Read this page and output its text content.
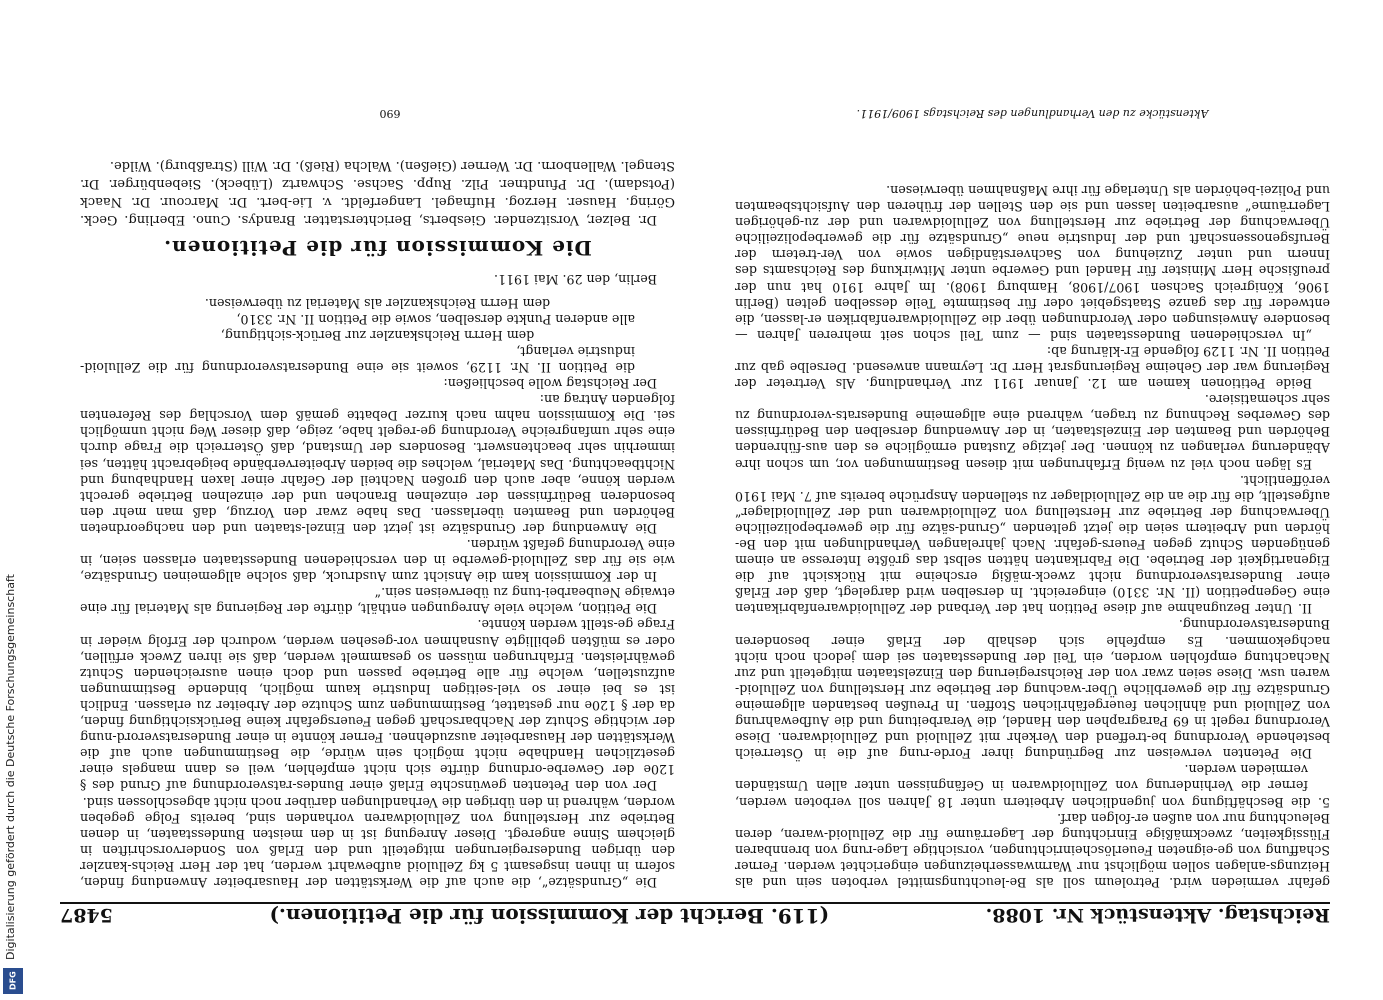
Reichstag. Aktenstück Nr. 1088.
(119. Bericht der Kommission für die Petitionen.)
5487

gefahr vermieden wird. Petroleum soll als Be-leuchtungsmittel verboten sein und als Heizungs-anlagen sollen möglichst nur Warmwasserheizungen eingerichtet werden. Ferner Schaffung von ge-eigneten Feuerlöscheinrichtungen, vorsichtige Lage-rung von brennbaren Flüssigkeiten, zweckmäßige Einrichtung der Lagerräume für die Zelluloid-waren, deren Beleuchtung nur von außen er-folgen darf.

5. die Beschäftigung von jugendlichen Arbeitern unter 18 Jahren soll verboten werden, ferner die Verhinderung von Zelluloidwaren in Gefängnissen unter allen Umständen vermieden werden.

Die Petenten verweisen zur Begründung ihrer Forde-rung auf die in Österreich bestehende Verordnung be-treffend den Verkehr mit Zelluloid und Zelluloidwaren. Diese Verordnung regelt in 69 Paragraphen den Handel, die Verarbeitung und die Aufbewahrung von Zelluloid und ähnlichen feuergefährlichen Stoffen. In Preußen bestanden allgemeine Grundsätze für die gewerbliche Über-wachung der Betriebe zur Herstellung von Zelluloid-waren usw. Diese seien zwar von der Reichsregierung den Einzelstaaten mitgeteilt und zur Nachachtung empfohlen worden, ein Teil der Bundesstaaten sei dem jedoch noch nicht nachgekommen. Es empfehle sich deshalb der Erlaß einer besonderen Bundesratsverordnung.

II. Unter Bezugnahme auf diese Petition hat der Verband der Zelluloidwarenfabrikanten eine Gegenpetition (II. Nr. 3310) eingereicht. In derselben wird dargelegt, daß der Erlaß einer Bundesratsverordnung nicht zweck-mäßig erscheine mit Rücksicht auf die Eigenartigkeit der Betriebe. Die Fabrikanten hätten selbst das größte Interesse an einem genügenden Schutz gegen Feuers-gefahr. Nach jahrelangen Verhandlungen mit den Be-hörden und Arbeitern seien die jetzt geltenden „Grund-sätze für die gewerbepolizeiliche Überwachung der Betriebe zur Herstellung von Zelluloidwaren und der Zelluloidlager“ aufgestellt, die für die an die Zelluloidlager zu stellenden Ansprüche bereits auf 7. Mai 1910 veröffentlicht.

Es lägen noch viel zu wenig Erfahrungen mit diesen Bestimmungen vor, um schon ihre Abänderung verlangen zu können. Der jetzige Zustand ermögliche es den aus-führenden Behörden und Beamten der Einzelstaaten, in der Anwendung derselben den Bedürfnissen des Gewerbes Rechnung zu tragen, während eine allgemeine Bundesrats-verordnung zu sehr schematisiere.

Beide Petitionen kamen am 12. Januar 1911 zur Verhandlung. Als Vertreter der Regierung war der Geheime Regierungsrat Herr Dr. Leymann anwesend. Derselbe gab zur Petition II. Nr. 1129 folgende Er-klärung ab:

„In verschiedenen Bundesstaaten sind — zum Teil schon seit mehreren Jahren — besondere Anweisungen oder Verordnungen über die Zelluloidwarenfabriken er-lassen, die entweder für das ganze Staatsgebiet oder für bestimmte Teile desselben gelten (Berlin 1906, Königreich Sachsen 1907/1908, Hamburg 1908). Im Jahre 1910 hat nun der preußische Herr Minister für Handel und Gewerbe unter Mitwirkung des Reichsamts des Innern und unter Zuziehung von Sachverständigen sowie von Ver-tretern der Berufsgenossenschaft und der Industrie neue „Grundsätze für die gewerbepolizeiliche Überwachung der Betriebe zur Herstellung von Zelluloidwaren und der zu-gehörigen Lagerräume“ ausarbeiten lassen und sie den Stellen der früheren den Aufsichtsbeamten und Polizei-behörden als Unterlage für ihre Maßnahmen überwiesen.

Die „Grundsätze“, die auch auf die Werkstätten der Hausarbeiter Anwendung finden, sofern in ihnen insgesamt 5 kg Zelluloid aufbewahrt werden, hat der Herr Reichs-kanzler den übrigen Bundesregierungen mitgeteilt und den Erlaß von Sondervorschriften in gleichem Sinne angeregt. Dieser Anregung ist in den meisten Bundesstaaten, in denen Betriebe zur Herstellung von Zelluloidwaren vorhanden sind, bereits Folge gegeben worden, während in den übrigen die Verhandlungen darüber noch nicht abgeschlossen sind.

Der von den Petenten gewünschte Erlaß einer Bundes-ratsverordnung auf Grund des § 120e der Gewerbe-ordnung dürfte sich nicht empfehlen, weil es dann mangels einer gesetzlichen Handhabe nicht möglich sein würde, die Bestimmungen auch auf die Werkstätten der Hausarbeiter auszudehnen. Ferner könnte in einer Bundesratsverord-nung der wichtige Schutz der Nachbarschaft gegen Feuersgefahr keine Berücksichtigung finden, da der § 120e nur gestattet, Bestimmungen zum Schutze der Arbeiter zu erlassen. Endlich ist es bei einer so viel-seitigen Industrie kaum möglich, bindende Bestimmungen aufzustellen, welche für alle Betriebe passen und doch einen ausreichenden Schutz gewährleisten. Erfahrungen müssen so gesammelt werden, daß sie ihren Zweck erfüllen, oder es müßten gebilligte Ausnahmen vor-gesehen werden, wodurch der Erfolg wieder in Frage ge-stellt werden könnte.

Die Petition, welche viele Anregungen enthält, dürfte der Regierung als Material für eine etwaige Neubearbei-tung zu überweisen sein.“

In der Kommission kam die Ansicht zum Ausdruck, daß solche allgemeinen Grundsätze, wie sie für das Zelluloid-gewerbe in den verschiedenen Bundesstaaten erlassen seien, in eine Verordnung gefaßt würden.

Die Anwendung der Grundsätze ist jetzt den Einzel-staaten und den nachgeordneten Behörden und Beamten überlassen. Das habe zwar den Vorzug, daß man mehr den besonderen Bedürfnissen der einzelnen Branchen und der einzelnen Betriebe gerecht werden könne, aber auch den großen Nachteil der Gefahr einer laxen Handhabung und Nichtbeachtung. Das Material, welches die beiden Arbeiterverbände beigebracht hätten, sei immerhin sehr beachtenswert. Besonders der Umstand, daß Österreich die Frage durch eine sehr umfangreiche Verordnung ge-regelt habe, zeige, daß dieser Weg nicht unmöglich sei. Die Kommission nahm nach kurzer Debatte gemäß dem Vorschlag des Referenten folgenden Antrag an:

Der Reichstag wolle beschließen:

die Petition II. Nr. 1129, soweit sie eine Bundesratsverordnung für die Zelluloid-industrie verlangt,

dem Herrn Reichskanzler zur Berück-sichtigung,

alle anderen Punkte derselben, sowie die Petition II. Nr. 3310,

dem Herrn Reichskanzler als Material zu überweisen.

Berlin, den 29. Mai 1911.

Die Kommission für die Petitionen.

Dr. Belzer, Vorsitzender. Giesberts, Berichterstatter. Brandys. Cuno. Eberling. Geck. Göring. Hauser. Herzog. Hufnagel. Langerfeldt. v. Lie-bert. Dr. Marcour. Dr. Naack (Potsdam). Dr. Pfundtner. Pilz. Rupp. Sachse. Schwartz (Lübeck). Siebenbürger. Dr. Stengel. Wallenborn. Dr. Werner (Gießen). Walcha (Rieß). Dr. Will (Straßburg). Wilde.

Aktenstücke zu den Verhandlungen des Reichstags 1909/1911.
690
Digitalisierung gefördert durch die Deutsche Forschungsgemeinschaft
DFG
